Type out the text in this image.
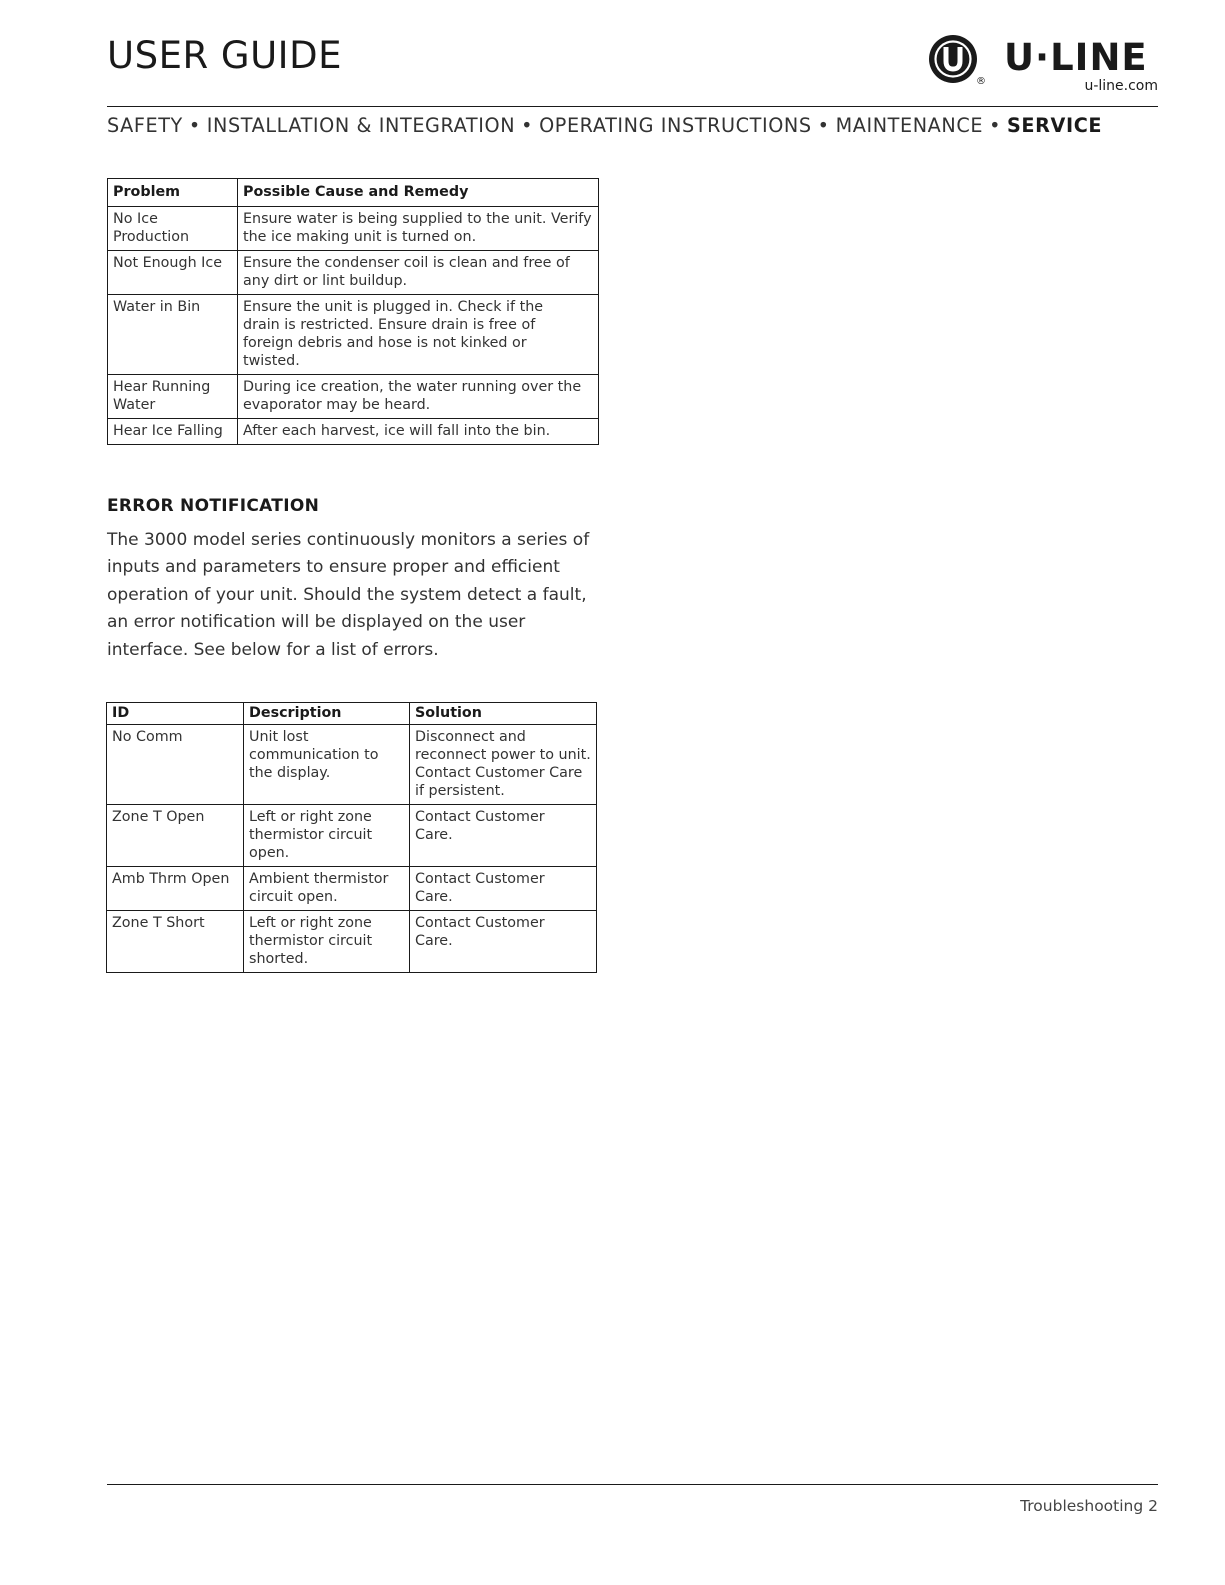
USER GUIDE
®
U·LINE
u-line.com
SAFETY • INSTALLATION & INTEGRATION • OPERATING INSTRUCTIONS • MAINTENANCE • SERVICE
Problem	Possible Cause and Remedy
No Ice Production	Ensure water is being supplied to the unit. Verify the ice making unit is turned on.
Not Enough Ice	Ensure the condenser coil is clean and free of any dirt or lint buildup.
Water in Bin	Ensure the unit is plugged in. Check if the drain is restricted. Ensure drain is free of foreign debris and hose is not kinked or twisted.
Hear Running Water	During ice creation, the water running over the evaporator may be heard.
Hear Ice Falling	After each harvest, ice will fall into the bin.
ERROR NOTIFICATION

The 3000 model series continuously monitors a series of inputs and parameters to ensure proper and efficient operation of your unit. Should the system detect a fault, an error notification will be displayed on the user interface. See below for a list of errors.

ID	Description	Solution
No Comm	Unit lost communication to the display.	Disconnect and reconnect power to unit. Contact Customer Care if persistent.
Zone T Open	Left or right zone thermistor circuit open.	Contact Customer Care.
Amb Thrm Open	Ambient thermistor circuit open.	Contact Customer Care.
Zone T Short	Left or right zone thermistor circuit shorted.	Contact Customer Care.
Troubleshooting 2
